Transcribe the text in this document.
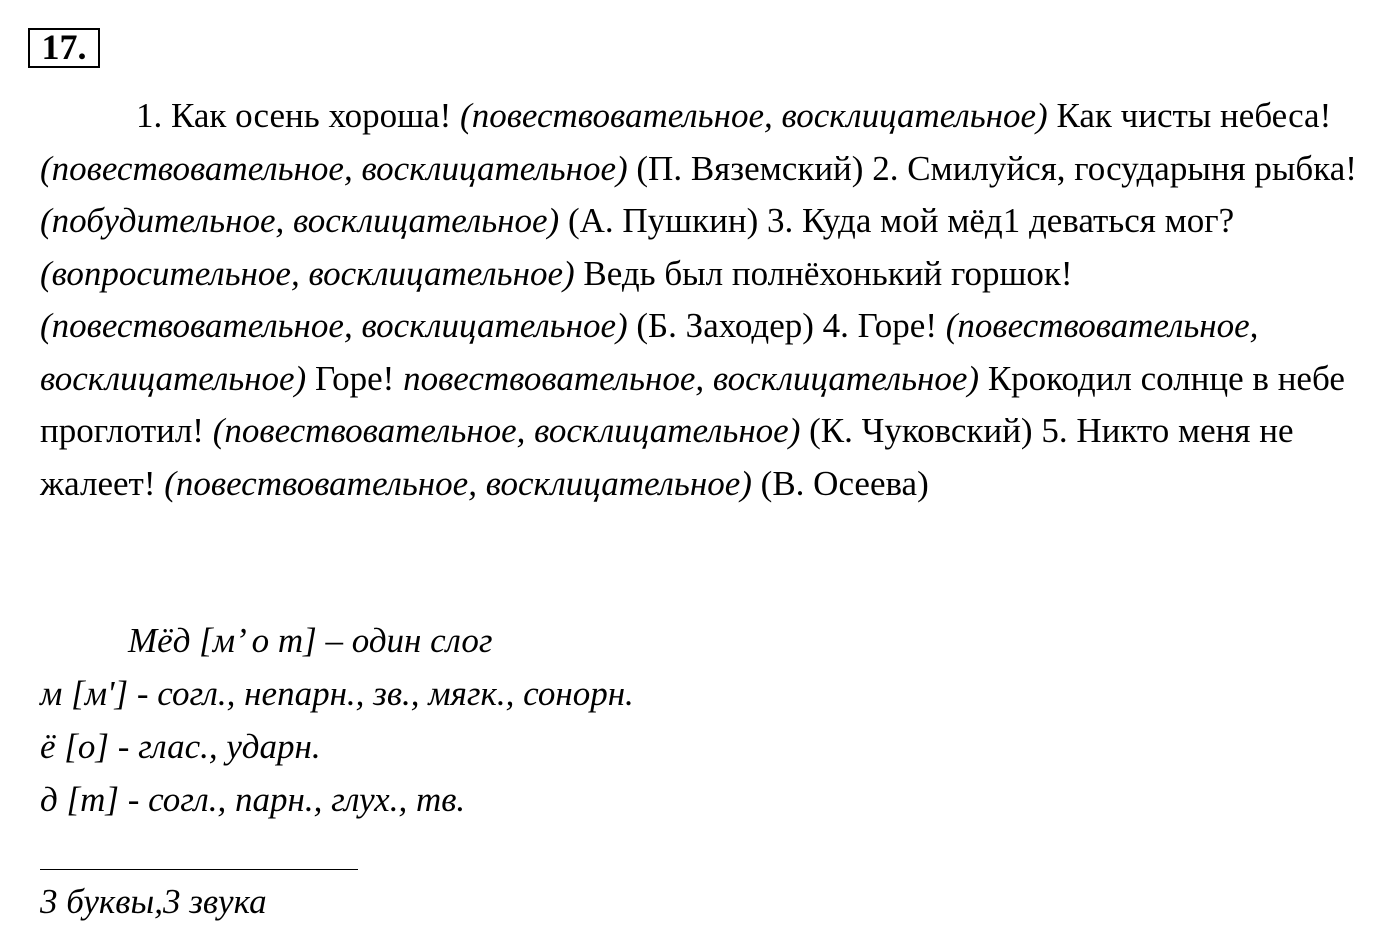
17.

1. Как осень хороша! (повествовательное, восклицательное) Как чисты небеса! (повествовательное, восклицательное) (П. Вяземский) 2. Смилуйся, государыня рыбка! (побудительное, восклицательное) (А. Пушкин) 3. Куда мой мёд1 деваться мог? (вопросительное, восклицательное) Ведь был полнёхонький горшок! (повествовательное, восклицательное) (Б. Заходер) 4. Горе! (повествовательное, восклицательное) Горе! повествовательное, восклицательное) Крокодил солнце в небе проглотил! (повествовательное, восклицательное) (К. Чуковский) 5. Никто меня не жалеет! (повествовательное, восклицательное) (В. Осеева)

Мёд [м’ о т] – один слог
м [м'] - согл., непарн., зв., мягк., сонорн.
ё [о] - глас., ударн.
д [т] - согл., парн., глух., тв.
3 буквы,3 звука
